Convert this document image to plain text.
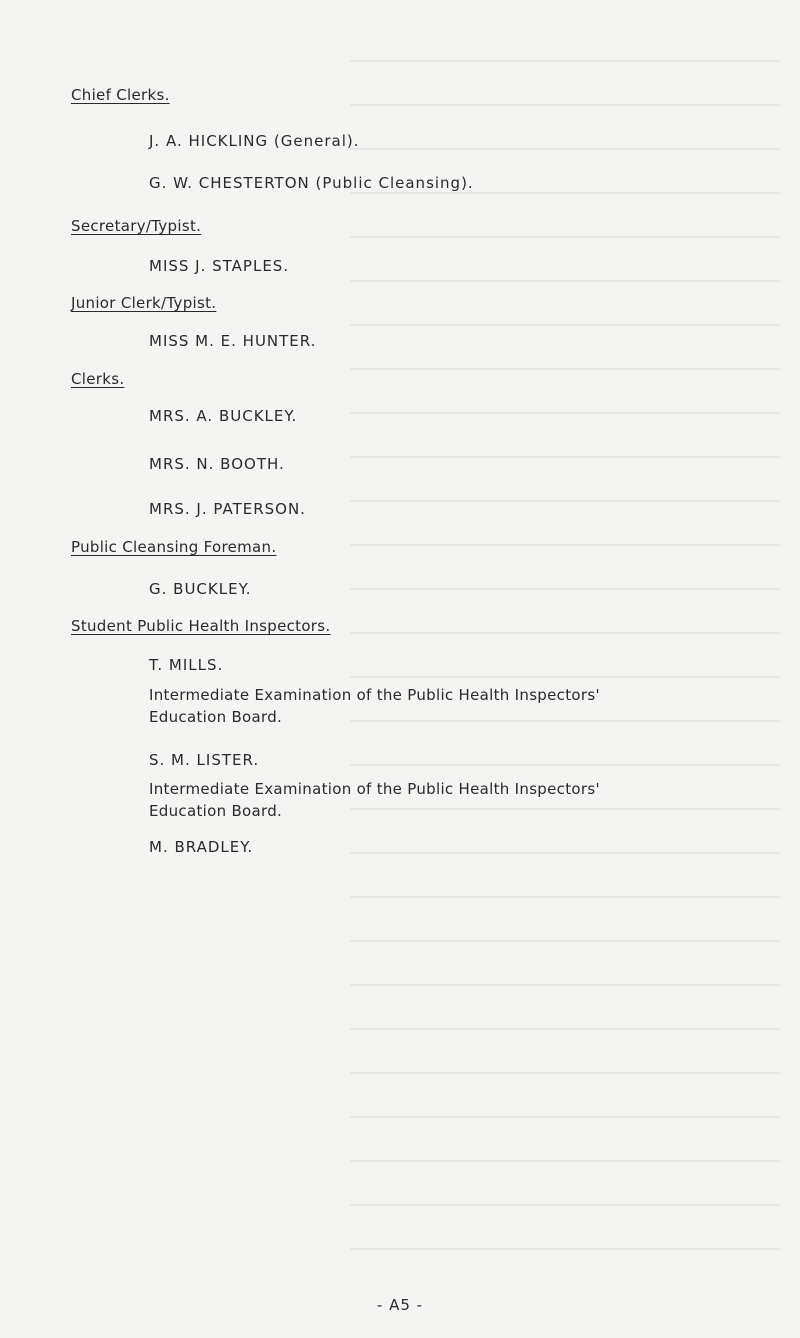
Chief Clerks.
J. A. HICKLING (General).
G. W. CHESTERTON (Public Cleansing).
Secretary/Typist.
MISS J. STAPLES.
Junior Clerk/Typist.
MISS M. E. HUNTER.
Clerks.
MRS. A. BUCKLEY.
MRS. N. BOOTH.
MRS. J. PATERSON.
Public Cleansing Foreman.
G. BUCKLEY.
Student Public Health Inspectors.
T. MILLS.
Intermediate Examination of the Public Health Inspectors'
Education Board.
S. M. LISTER.
Intermediate Examination of the Public Health Inspectors'
Education Board.
M. BRADLEY.
- A5 -
